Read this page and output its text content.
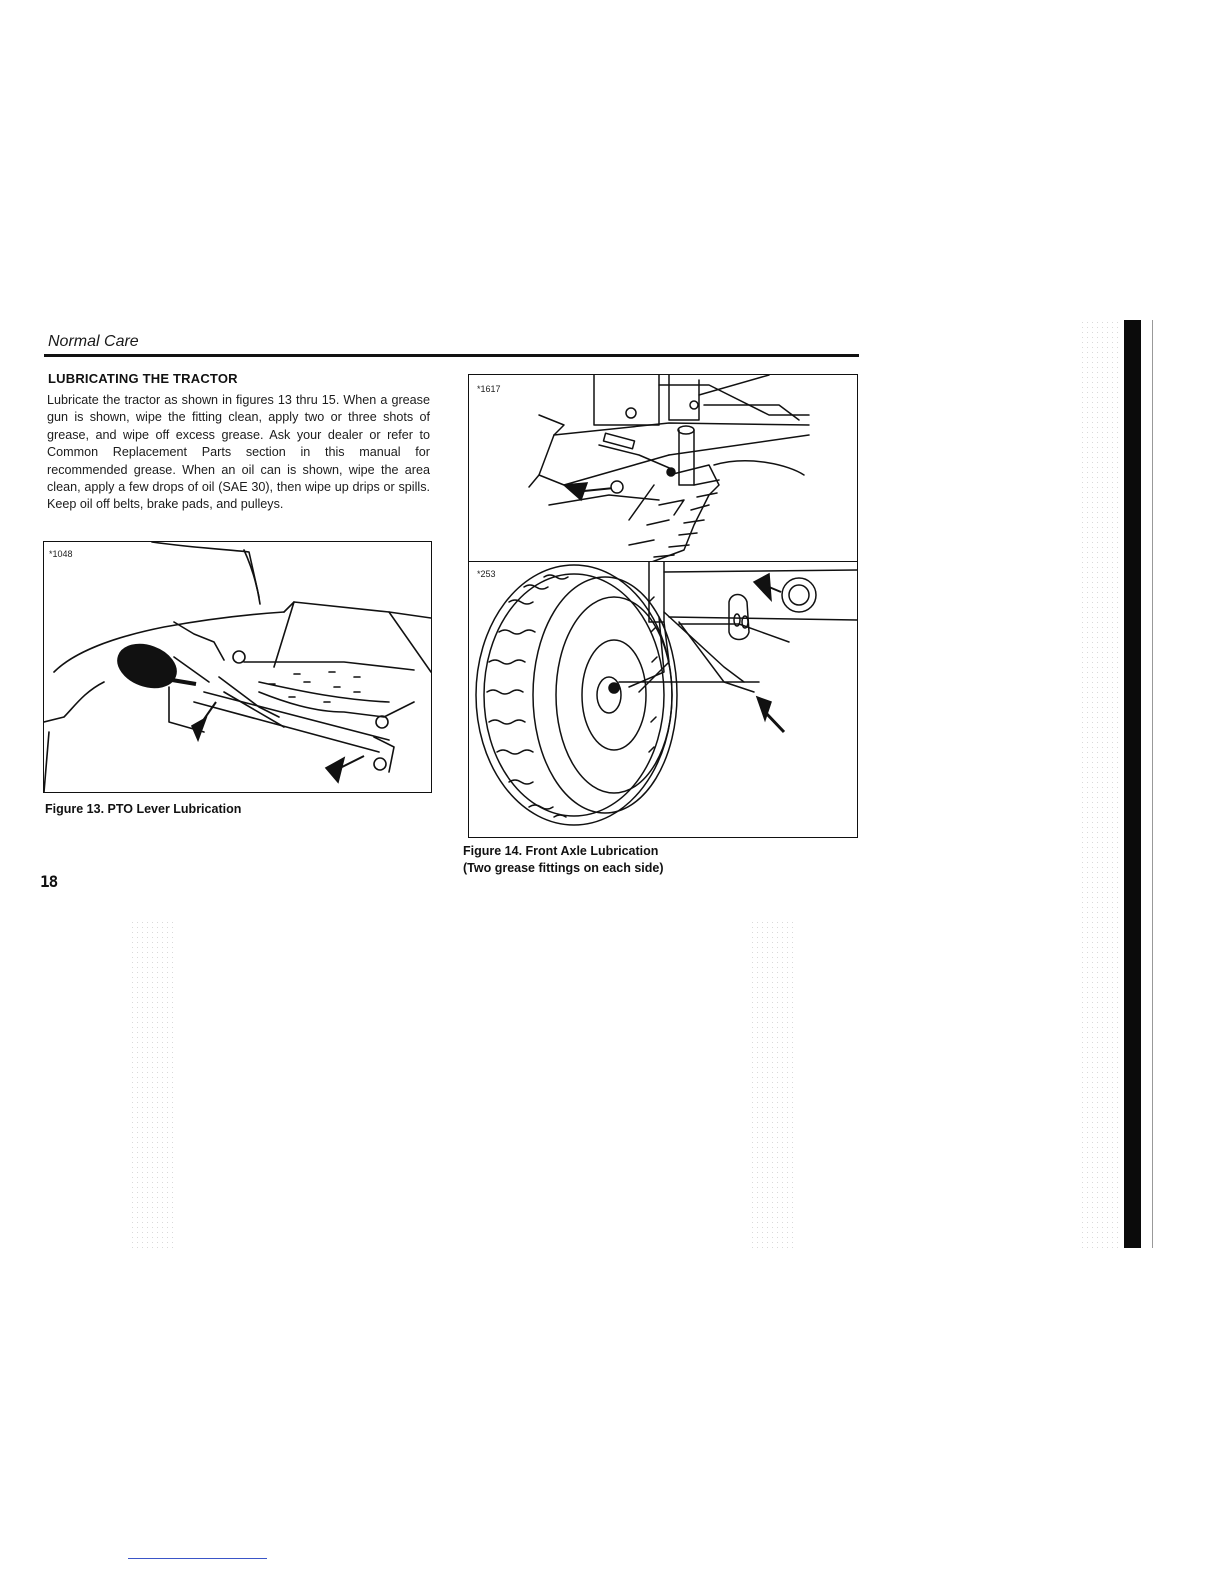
Normal Care
LUBRICATING THE TRACTOR
Lubricate the tractor as shown in figures 13 thru 15. When a grease gun is shown, wipe the fitting clean, apply two or three shots of grease, and wipe off excess grease. Ask your dealer or refer to Common Replacement Parts section in this manual for recommended grease. When an oil can is shown, wipe the area clean, apply a few drops of oil (SAE 30), then wipe up drips or spills. Keep oil off belts, brake pads, and pulleys.
*1048
Figure 13. PTO Lever Lubrication
*1617
*253
Figure 14. Front Axle Lubrication
(Two grease fittings on each side)
18
